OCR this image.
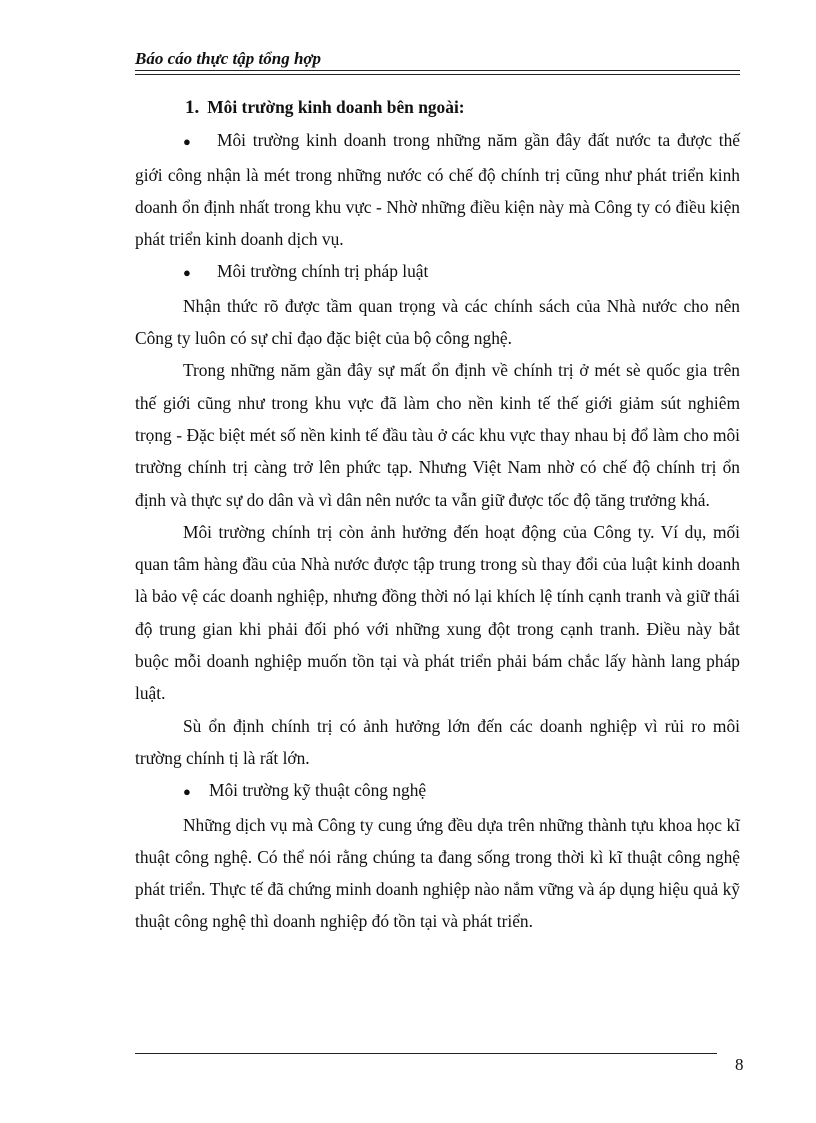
Báo cáo thực tập tổng hợp

1. Môi trường kinh doanh bên ngoài:

● Môi trường kinh doanh trong những năm gần đây đất nước ta được thế giới công nhận là mét trong những nước có chế độ chính trị cũng như phát triển kinh doanh ổn định nhất trong khu vực - Nhờ những điều kiện này mà Công ty có điều kiện phát triển kinh doanh dịch vụ.

● Môi trường chính trị pháp luật

Nhận thức rõ được tầm quan trọng và các chính sách của Nhà nước cho nên Công ty luôn có sự chỉ đạo đặc biệt của bộ công nghệ.

Trong những năm gần đây sự mất ổn định về chính trị ở mét sè quốc gia trên thế giới cũng như trong khu vực đã làm cho nền kinh tế thế giới giảm sút nghiêm trọng - Đặc biệt mét số nền kinh tế đầu tàu ở các khu vực thay nhau bị đổ làm cho môi trường chính trị càng trở lên phức tạp. Nhưng Việt Nam nhờ có chế độ chính trị ổn định và thực sự do dân và vì dân nên nước ta vẫn giữ được tốc độ tăng trưởng khá.

Môi trường chính trị còn ảnh hưởng đến hoạt động của Công ty. Ví dụ, mối quan tâm hàng đầu của Nhà nước được tập trung trong sù thay đổi của luật kinh doanh là bảo vệ các doanh nghiệp, nhưng đồng thời nó lại khích lệ tính cạnh tranh và giữ thái độ trung gian khi phải đối phó với những xung đột trong cạnh tranh. Điều này bắt buộc mỗi doanh nghiệp muốn tồn tại và phát triển phải bám chắc lấy hành lang pháp luật.

Sù ổn định chính trị có ảnh hưởng lớn đến các doanh nghiệp vì rủi ro môi trường chính tị là rất lớn.

● Môi trường kỹ thuật công nghệ

Những dịch vụ mà Công ty cung ứng đều dựa trên những thành tựu khoa học kĩ thuật công nghệ. Có thể nói rằng chúng ta đang sống trong thời kì kĩ thuật công nghệ phát triển. Thực tế đã chứng minh doanh nghiệp nào nắm vững và áp dụng hiệu quả kỹ thuật công nghệ thì doanh nghiệp đó tồn tại và phát triển.

8
